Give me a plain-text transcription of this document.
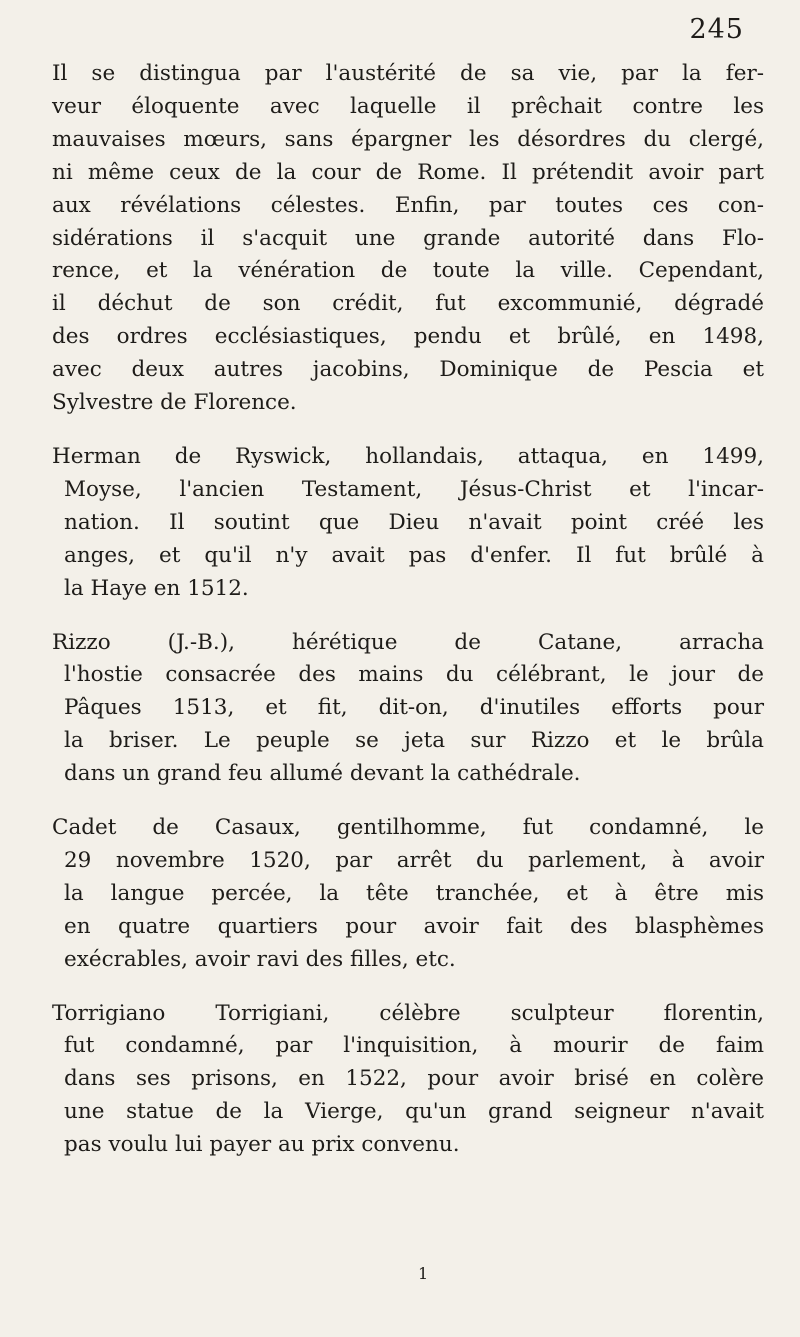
245

Il se distingua par l'austérité de sa vie, par la fer-
veur éloquente avec laquelle il prêchait contre les
mauvaises mœurs, sans épargner les désordres du clergé,
ni même ceux de la cour de Rome. Il prétendit avoir part
aux révélations célestes. Enfin, par toutes ces con-
sidérations il s'acquit une grande autorité dans Flo-
rence, et la vénération de toute la ville. Cependant,
il déchut de son crédit, fut excommunié, dégradé
des ordres ecclésiastiques, pendu et brûlé, en 1498,
avec deux autres jacobins, Dominique de Pescia et
Sylvestre de Florence.

Herman de Ryswick, hollandais, attaqua, en 1499,
Moyse, l'ancien Testament, Jésus-Christ et l'incar-
nation. Il soutint que Dieu n'avait point créé les
anges, et qu'il n'y avait pas d'enfer. Il fut brûlé à
la Haye en 1512.

Rizzo (J.-B.), hérétique de Catane, arracha
l'hostie consacrée des mains du célébrant, le jour de
Pâques 1513, et fit, dit-on, d'inutiles efforts pour
la briser. Le peuple se jeta sur Rizzo et le brûla
dans un grand feu allumé devant la cathédrale.

Cadet de Casaux, gentilhomme, fut condamné, le
29 novembre 1520, par arrêt du parlement, à avoir
la langue percée, la tête tranchée, et à être mis
en quatre quartiers pour avoir fait des blasphèmes
exécrables, avoir ravi des filles, etc.

Torrigiano Torrigiani, célèbre sculpteur florentin,
fut condamné, par l'inquisition, à mourir de faim
dans ses prisons, en 1522, pour avoir brisé en colère
une statue de la Vierge, qu'un grand seigneur n'avait
pas voulu lui payer au prix convenu.

1
